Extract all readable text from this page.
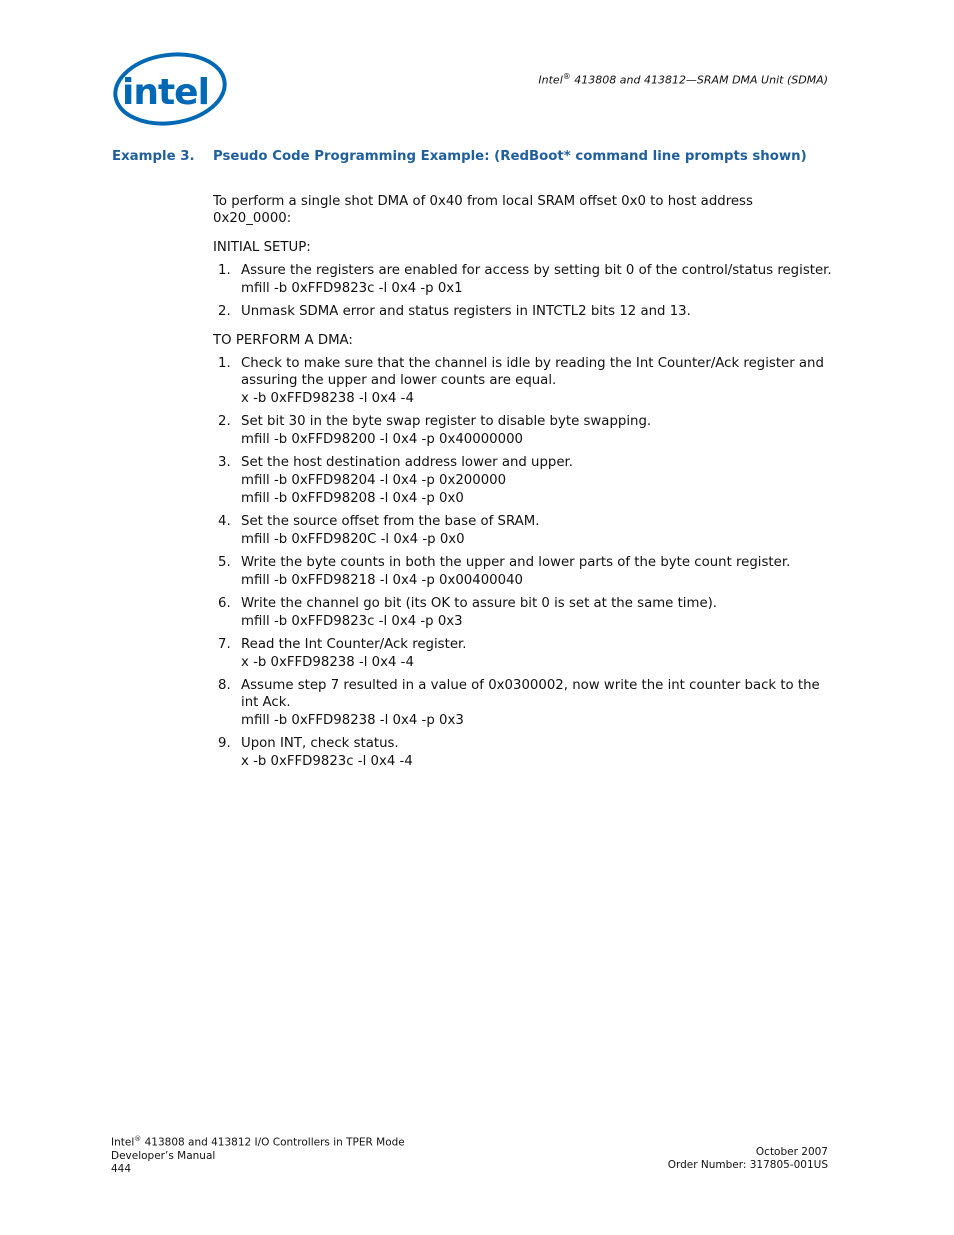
intel	Intel® 413808 and 413812—SRAM DMA Unit (SDMA)
Example 3. Pseudo Code Programming Example: (RedBoot* command line prompts shown)

To perform a single shot DMA of 0x40 from local SRAM offset 0x0 to host address 0x20_0000:

INITIAL SETUP:

1. Assure the registers are enabled for access by setting bit 0 of the control/status register.
mfill -b 0xFFD9823c -l 0x4 -p 0x1
2. Unmask SDMA error and status registers in INTCTL2 bits 12 and 13.

TO PERFORM A DMA:

1. Check to make sure that the channel is idle by reading the Int Counter/Ack register and assuring the upper and lower counts are equal.
x -b 0xFFD98238 -l 0x4 -4
2. Set bit 30 in the byte swap register to disable byte swapping.
mfill -b 0xFFD98200 -l 0x4 -p 0x40000000
3. Set the host destination address lower and upper.
mfill -b 0xFFD98204 -l 0x4 -p 0x200000
mfill -b 0xFFD98208 -l 0x4 -p 0x0
4. Set the source offset from the base of SRAM.
mfill -b 0xFFD9820C -l 0x4 -p 0x0
5. Write the byte counts in both the upper and lower parts of the byte count register.
mfill -b 0xFFD98218 -l 0x4 -p 0x00400040
6. Write the channel go bit (its OK to assure bit 0 is set at the same time).
mfill -b 0xFFD9823c -l 0x4 -p 0x3
7. Read the Int Counter/Ack register.
x -b 0xFFD98238 -l 0x4 -4
8. Assume step 7 resulted in a value of 0x0300002, now write the int counter back to the int Ack.
mfill -b 0xFFD98238 -l 0x4 -p 0x3
9. Upon INT, check status.
x -b 0xFFD9823c -l 0x4 -4
Intel® 413808 and 413812 I/O Controllers in TPER Mode
Developer’s Manual
444
October 2007
Order Number: 317805-001US
